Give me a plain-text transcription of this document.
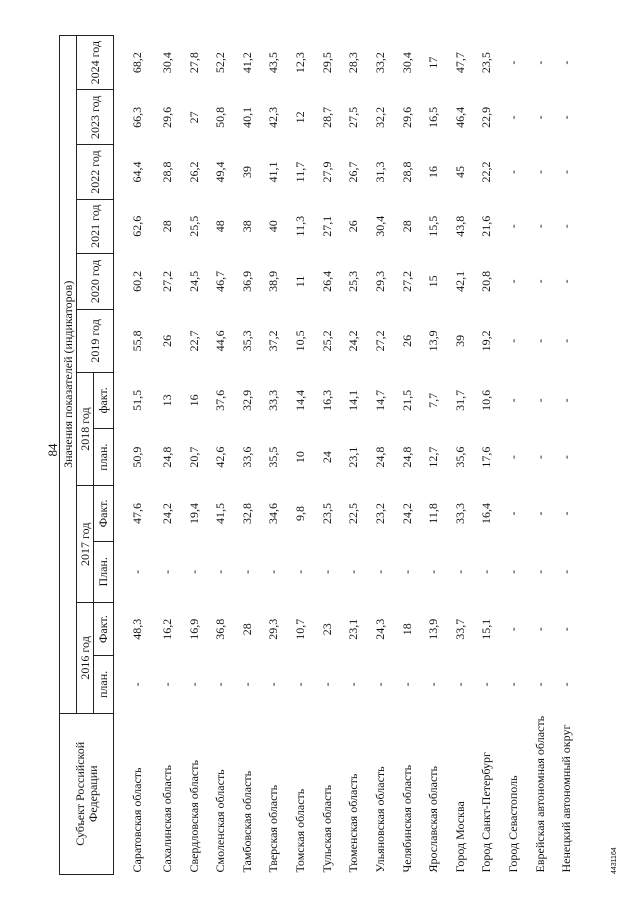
84
4431164
Субъект Российской Федерации	Значения показателей (индикаторов)											
	2016 год		2017 год		2018 год		2019 год	2020 год	2021 год	2022 год	2023 год	2024 год
	план.	Факт.	План.	Факт.	план.	факт.						
Саратовская область	-	48,3	-	47,6	50,9	51,5	55,8	60,2	62,6	64,4	66,3	68,2
Сахалинская область	-	16,2	-	24,2	24,8	13	26	27,2	28	28,8	29,6	30,4
Свердловская область	-	16,9	-	19,4	20,7	16	22,7	24,5	25,5	26,2	27	27,8
Смоленская область	-	36,8	-	41,5	42,6	37,6	44,6	46,7	48	49,4	50,8	52,2
Тамбовская область	-	28	-	32,8	33,6	32,9	35,3	36,9	38	39	40,1	41,2
Тверская область	-	29,3	-	34,6	35,5	33,3	37,2	38,9	40	41,1	42,3	43,5
Томская область	-	10,7	-	9,8	10	14,4	10,5	11	11,3	11,7	12	12,3
Тульская область	-	23	-	23,5	24	16,3	25,2	26,4	27,1	27,9	28,7	29,5
Тюменская область	-	23,1	-	22,5	23,1	14,1	24,2	25,3	26	26,7	27,5	28,3
Ульяновская область	-	24,3	-	23,2	24,8	14,7	27,2	29,3	30,4	31,3	32,2	33,2
Челябинская область	-	18	-	24,2	24,8	21,5	26	27,2	28	28,8	29,6	30,4
Ярославская область	-	13,9	-	11,8	12,7	7,7	13,9	15	15,5	16	16,5	17
Город Москва	-	33,7	-	33,3	35,6	31,7	39	42,1	43,8	45	46,4	47,7
Город Санкт-Петербург	-	15,1	-	16,4	17,6	10,6	19,2	20,8	21,6	22,2	22,9	23,5
Город Севастополь	-	-	-	-	-	-	-	-	-	-	-	-
Еврейская автономная область	-	-	-	-	-	-	-	-	-	-	-	-
Ненецкий автономный округ	-	-	-	-	-	-	-	-	-	-	-	-
